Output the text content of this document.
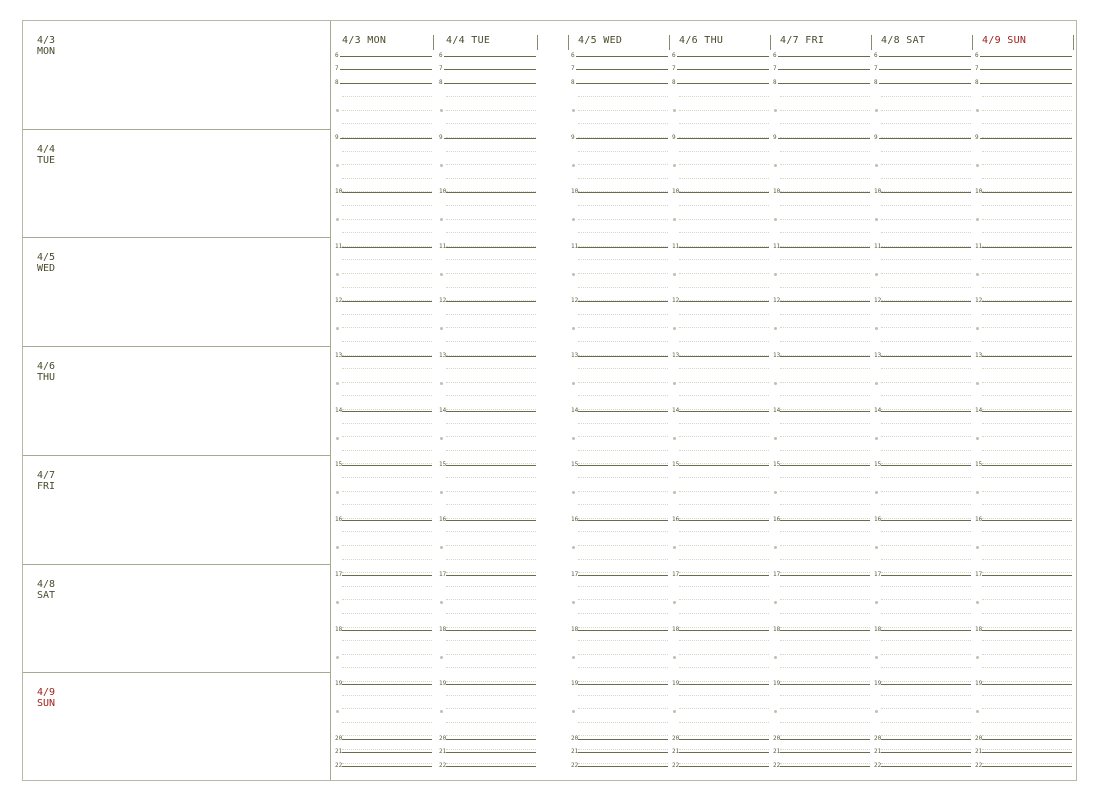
4/3
MON
4/4
TUE
4/5
WED
4/6
THU
4/7
FRI
4/8
SAT
4/9
SUN
4/3 MON
6
7
8
9
10
11
12
13
14
15
16
17
18
19
20
21
22
4/4 TUE
6
7
8
9
10
11
12
13
14
15
16
17
18
19
20
21
22
4/5 WED
6
7
8
9
10
11
12
13
14
15
16
17
18
19
20
21
22
4/6 THU
6
7
8
9
10
11
12
13
14
15
16
17
18
19
20
21
22
4/7 FRI
6
7
8
9
10
11
12
13
14
15
16
17
18
19
20
21
22
4/8 SAT
6
7
8
9
10
11
12
13
14
15
16
17
18
19
20
21
22
4/9 SUN
6
7
8
9
10
11
12
13
14
15
16
17
18
19
20
21
22
